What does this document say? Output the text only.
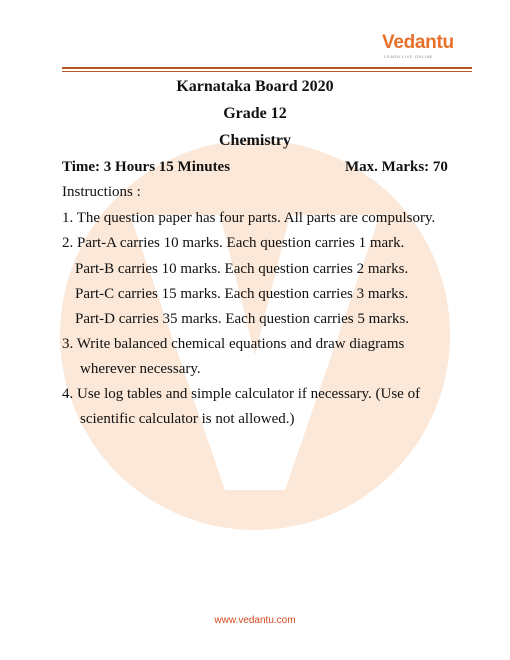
Vedantu
LEARN LIVE ONLINE
Karnataka Board 2020
Grade 12
Chemistry
Time: 3 Hours 15 Minutes	Max. Marks: 70
Instructions :
1. The question paper has four parts. All parts are compulsory.
2. Part-A carries 10 marks. Each question carries 1 mark.
Part-B carries 10 marks. Each question carries 2 marks.
Part-C carries 15 marks. Each question carries 3 marks.
Part-D carries 35 marks. Each question carries 5 marks.
3. Write balanced chemical equations and draw diagrams
wherever necessary.
4. Use log tables and simple calculator if necessary. (Use of
scientific calculator is not allowed.)
www.vedantu.com
